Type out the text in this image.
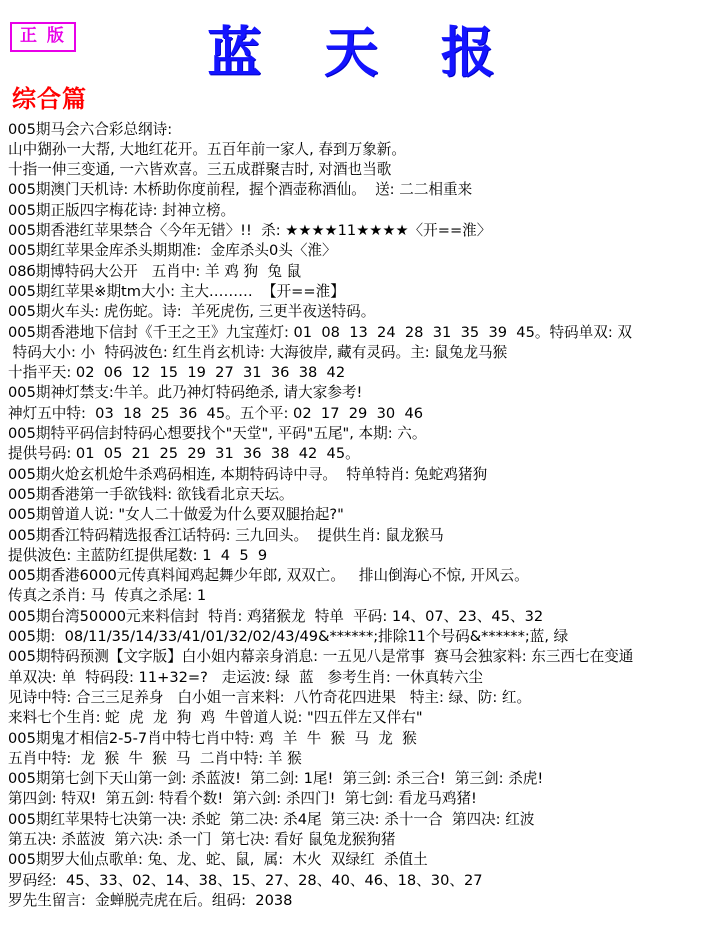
正 版	蓝 天 报
综合篇
005期马会六合彩总纲诗:
山中猢孙一大帮, 大地红花开。五百年前一家人, 春到万象新。
十指一伸三变通, 一六皆欢喜。三五成群聚吉时, 对酒也当歌
005期澳门天机诗: 木桥助你度前程,  握个酒壶称酒仙。  送: 二二相重来
005期正版四字梅花诗: 封神立榜。
005期香港红苹果禁合〈今年无错〉!!  杀: ★★★★11★★★★〈开==淮〉
005期红苹果金库杀头期期准:  金库杀头0头〈淮〉
08б期博特码大公开   五肖中: 羊 鸡 狗  兔 鼠
005期红苹果※期tm大小: 主大………  【开==淮】
005期火车头: 虎伤蛇。诗:  羊死虎伤, 三更半夜送特码。
005期香港地下信封《千王之王》九宝莲灯: 01  08  13  24  28  31  35  39  45。特码单双: 双
特码大小: 小  特码波色: 红生肖玄机诗: 大海彼岸, 藏有灵码。主: 鼠兔龙马猴
十指平天: 02  06  12  15  19  27  31  36  38  42
005期神灯禁支:牛羊。此乃神灯特码绝杀, 请大家参考!
神灯五中特:  03  18  25  36  45。五个平: 02  17  29  30  46
005期特平码信封特码心想要找个"天堂", 平码"五尾", 本期: 六。
提供号码: 01  05  21  25  29  31  36  38  42  45。
005期火炝玄机炝牛杀鸡码相连, 本期特码诗中寻。  特单特肖: 兔蛇鸡猪狗
005期香港第一手欲钱料: 欲钱看北京天坛。
005期曾道人说: "女人二十做爱为什么要双腿抬起?"
005期香江特码精选报香江话特码: 三九回头。  提供生肖: 鼠龙猴马
提供波色: 主蓝防红提供尾数: 1  4  5  9
005期香港6000元传真料闻鸡起舞少年郎, 双双亡。   排山倒海心不惊, 开风云。
传真之杀肖: 马  传真之杀尾: 1
005期台湾50000元来料信封  特肖: 鸡猪猴龙  特单  平码: 14、07、23、45、32
005期:  08/11/35/14/33/41/01/32/02/43/49&******;排除11个号码&******;蓝, 绿
005期特码预测【文字版】白小姐内幕亲身消息: 一五见八是常事  赛马会独家料: 东三西七在变通
单双决: 单  特码段: 11+32=?   走运波: 绿  蓝   参考生肖: 一休真转六尘
见诗中特: 合三三足养身   白小姐一言来料:  八竹奇花四进果   特主: 绿、防: 红。
来料七个生肖: 蛇  虎  龙  狗  鸡  牛曾道人说: "四五伴左又伴右"
005期鬼才相信2-5-7肖中特七肖中特: 鸡  羊  牛  猴  马  龙  猴
五肖中特:  龙  猴  牛  猴  马  二肖中特: 羊 猴
005期第七剑下天山第一剑: 杀蓝波!  第二剑: 1尾!  第三剑: 杀三合!  第三剑: 杀虎!
第四剑: 特双!  第五剑: 特看个数!  第六剑: 杀四门!  第七剑: 看龙马鸡猪!
005期红苹果特七决第一决: 杀蛇  第二决: 杀4尾  第三决: 杀十一合  第四决: 红波
第五决: 杀蓝波  第六决: 杀一门  第七决: 看好 鼠兔龙猴狗猪
005期罗大仙点歌单: 兔、龙、蛇、鼠,  属:  木火  双绿红  杀值土
罗码经:  45、33、02、14、38、15、27、28、40、46、18、30、27
罗先生留言:  金蝉脱壳虎在后。组码:  2038
